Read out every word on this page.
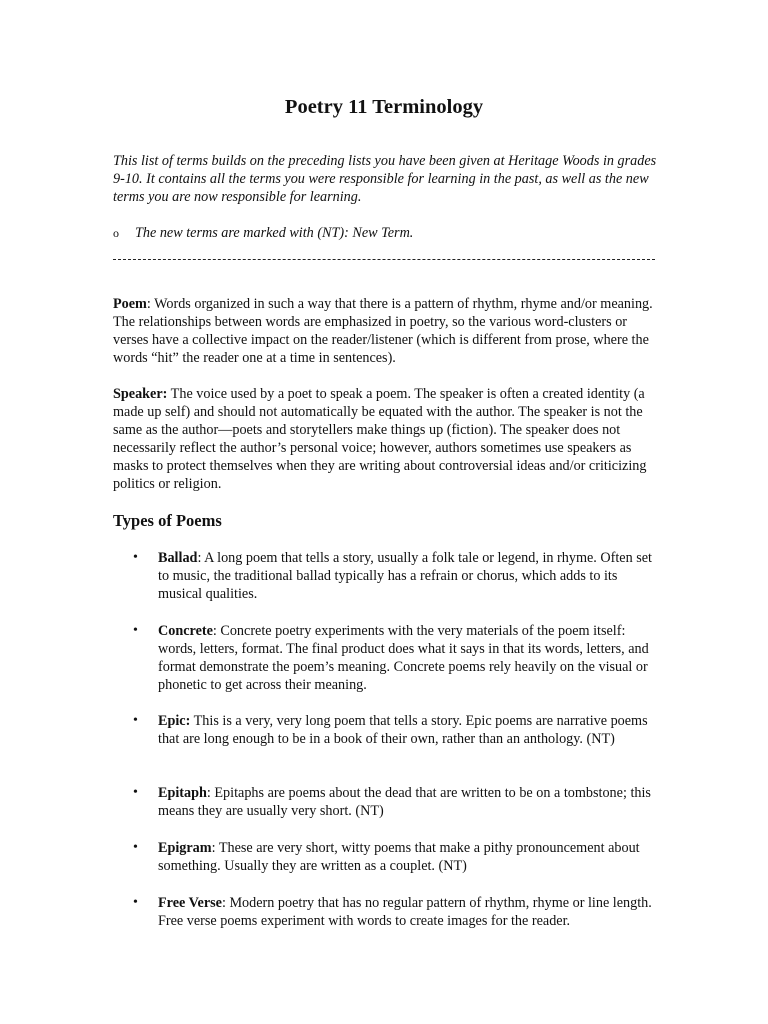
Poetry 11 Terminology

This list of terms builds on the preceding lists you have been given at Heritage Woods in grades 9-10. It contains all the terms you were responsible for learning in the past, as well as the new terms you are now responsible for learning.

o The new terms are marked with (NT): New Term.

Poem: Words organized in such a way that there is a pattern of rhythm, rhyme and/or meaning. The relationships between words are emphasized in poetry, so the various word-clusters or verses have a collective impact on the reader/listener (which is different from prose, where the words “hit” the reader one at a time in sentences).

Speaker: The voice used by a poet to speak a poem. The speaker is often a created identity (a made up self) and should not automatically be equated with the author. The speaker is not the same as the author—poets and storytellers make things up (fiction). The speaker does not necessarily reflect the author’s personal voice; however, authors sometimes use speakers as masks to protect themselves when they are writing about controversial ideas and/or criticizing politics or religion.

Types of Poems
• Ballad: A long poem that tells a story, usually a folk tale or legend, in rhyme. Often set to music, the traditional ballad typically has a refrain or chorus, which adds to its musical qualities.
• Concrete: Concrete poetry experiments with the very materials of the poem itself: words, letters, format. The final product does what it says in that its words, letters, and format demonstrate the poem’s meaning. Concrete poems rely heavily on the visual or phonetic to get across their meaning.
• Epic: This is a very, very long poem that tells a story. Epic poems are narrative poems that are long enough to be in a book of their own, rather than an anthology. (NT)
• Epitaph: Epitaphs are poems about the dead that are written to be on a tombstone; this means they are usually very short. (NT)
• Epigram: These are very short, witty poems that make a pithy pronouncement about something. Usually they are written as a couplet. (NT)
• Free Verse: Modern poetry that has no regular pattern of rhythm, rhyme or line length. Free verse poems experiment with words to create images for the reader.
